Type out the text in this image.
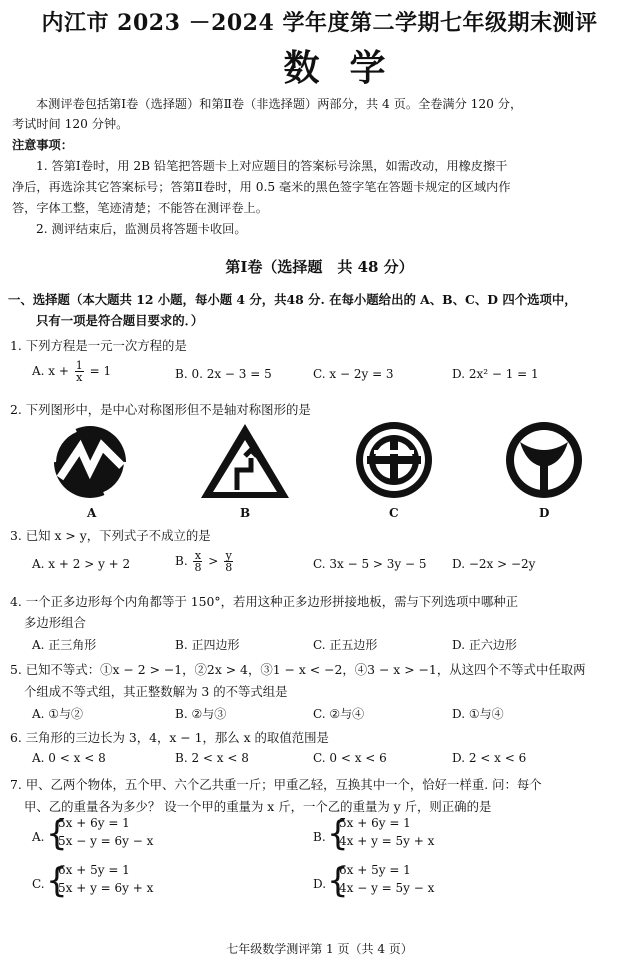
内江市 2023 －2024 学年度第二学期七年级期末测评
数学
本测评卷包括第Ⅰ卷（选择题）和第Ⅱ卷（非选择题）两部分，共 4 页。全卷满分 120 分，
考试时间 120 分钟。
注意事项：
1. 答第Ⅰ卷时，用 2B 铅笔把答题卡上对应题目的答案标号涂黑，如需改动，用橡皮擦干
净后，再选涂其它答案标号；答第Ⅱ卷时，用 0.5 毫米的黑色签字笔在答题卡规定的区域内作
答，字体工整，笔迹清楚；不能答在测评卷上。
2. 测评结束后，监测员将答题卡收回。
第Ⅰ卷（选择题　共 48 分）
一、选择题（本大题共 12 小题，每小题 4 分，共48 分. 在每小题给出的 A、B、C、D 四个选项中，
只有一项是符合题目要求的．）
1. 下列方程是一元一次方程的是
A. $x + \frac{1}{x} = 1$	B. 0. 2x − 3 = 5	C. x − 2y = 3	D. 2x² − 1 = 1
2. 下列图形中，是中心对称图形但不是轴对称图形的是
A	B	C	D
3. 已知 x > y，下列式子不成立的是
A. x + 2 > y + 2	B. $\frac{x}{8} > \frac{y}{8}$	C. 3x − 5 > 3y − 5 D. −2x > −2y
4. 一个正多边形每个内角都等于 150°，若用这种正多边形拼接地板，需与下列选项中哪种正
多边形组合
A. 正三角形	B. 正四边形	C. 正五边形	D. 正六边形
5. 已知不等式：①x − 2 > −1，②2x > 4，③1 − x < −2，④3 − x > −1，从这四个不等式中任取两
个组成不等式组，其正整数解为 3 的不等式组是
A. ①与②	B. ②与③	C. ②与④	D. ①与④
6. 三角形的三边长为 3，4，x − 1，那么 x 的取值范围是
A. 0 < x < 8	B. 2 < x < 8	C. 0 < x < 6	D. 2 < x < 6
7. 甲、乙两个物体，五个甲、六个乙共重一斤；甲重乙轻，互换其中一个，恰好一样重. 问：每个
甲、乙的重量各为多少？ 设一个甲的重量为 x 斤，一个乙的重量为 y 斤，则正确的是
A. {
5x + 6y = 1
5x − y = 6y − x	B. {
5x + 6y = 1
4x + y = 5y + x
C. {
6x + 5y = 1
5x + y = 6y + x	D. {
6x + 5y = 1
4x − y = 5y − x
七年级数学测评第 1 页（共 4 页）
